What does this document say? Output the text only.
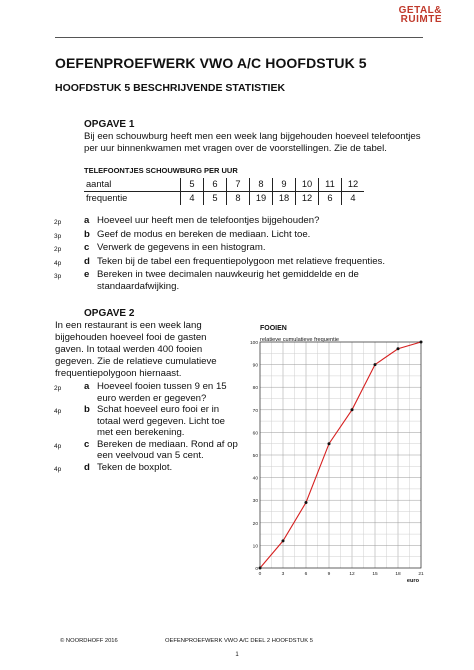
GETAL&
RUIMTE
OEFENPROEFWERK VWO A/C HOOFDSTUK 5
HOOFDSTUK 5 BESCHRIJVENDE STATISTIEK
OPGAVE 1
Bij een schouwburg heeft men een week lang bijgehouden hoeveel telefoontjes
per uur binnenkwamen met vragen over de voorstellingen. Zie de tabel.
TELEFOONTJES SCHOUWBURG PER UUR
aantal	5	6	7	8	9	10	11	12
frequentie	4	5	8	19	18	12	6	4
2p	a Hoeveel uur heeft men de telefoontjes bijgehouden?
3p	b Geef de modus en bereken de mediaan. Licht toe.
2p	c Verwerk de gegevens in een histogram.
4p	d Teken bij de tabel een frequentiepolygoon met relatieve frequenties.
3p	e Bereken in twee decimalen nauwkeurig het gemiddelde en de standaardafwijking.
OPGAVE 2
In een restaurant is een week lang
bijgehouden hoeveel fooi de gasten
gaven. In totaal werden 400 fooien
gegeven. Zie de relatieve cumulatieve
frequentiepolygoon hiernaast.
2p	a Hoeveel fooien tussen 9 en 15
euro werden er gegeven?
4p	b Schat hoeveel euro fooi er in
totaal werd gegeven. Licht toe
met een berekening.
4p	c Bereken de mediaan. Rond af op
een veelvoud van 5 cent.
4p	d Teken de boxplot.
FOOIEN
relatieve cumulatieve frequentie
0
10
20
30
40
50
60
70
80
90
100
0	3	6	9	12	15	18	21
euro
© NOORDHOFF 2016	OEFENPROEFWERK VWO A/C DEEL 2 HOOFDSTUK 5
1
